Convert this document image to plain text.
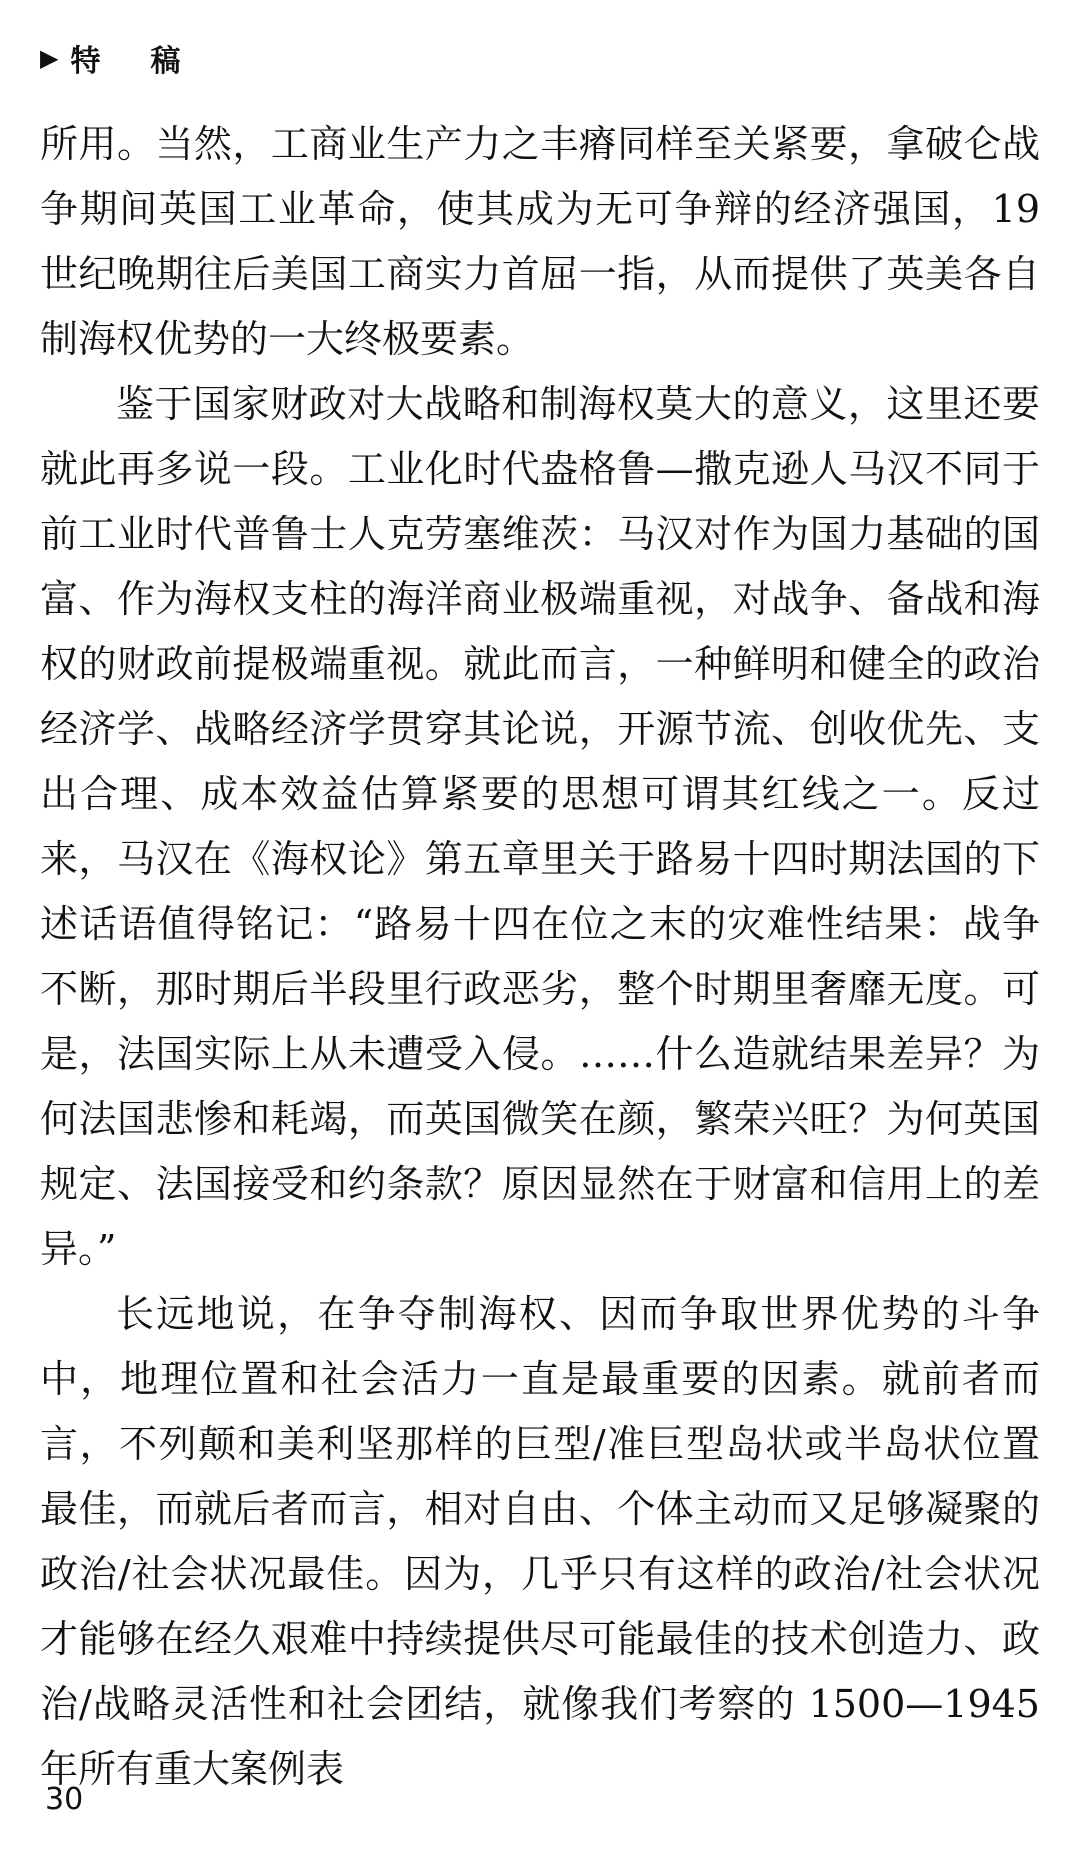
▶ 特稿

所用。当然，工商业生产力之丰瘠同样至关紧要，拿破仑战争期间英国工业革命，使其成为无可争辩的经济强国，19 世纪晚期往后美国工商实力首屈一指，从而提供了英美各自制海权优势的一大终极要素。

鉴于国家财政对大战略和制海权莫大的意义，这里还要就此再多说一段。工业化时代盎格鲁—撒克逊人马汉不同于前工业时代普鲁士人克劳塞维茨：马汉对作为国力基础的国富、作为海权支柱的海洋商业极端重视，对战争、备战和海权的财政前提极端重视。就此而言，一种鲜明和健全的政治经济学、战略经济学贯穿其论说，开源节流、创收优先、支出合理、成本效益估算紧要的思想可谓其红线之一。反过来，马汉在《海权论》第五章里关于路易十四时期法国的下述话语值得铭记：“路易十四在位之末的灾难性结果：战争不断，那时期后半段里行政恶劣，整个时期里奢靡无度。可是，法国实际上从未遭受入侵。……什么造就结果差异？为何法国悲惨和耗竭，而英国微笑在颜，繁荣兴旺？为何英国规定、法国接受和约条款？原因显然在于财富和信用上的差异。”

长远地说，在争夺制海权、因而争取世界优势的斗争中，地理位置和社会活力一直是最重要的因素。就前者而言，不列颠和美利坚那样的巨型/准巨型岛状或半岛状位置最佳，而就后者而言，相对自由、个体主动而又足够凝聚的政治/社会状况最佳。因为，几乎只有这样的政治/社会状况才能够在经久艰难中持续提供尽可能最佳的技术创造力、政治/战略灵活性和社会团结，就像我们考察的 1500—1945 年所有重大案例表

30
